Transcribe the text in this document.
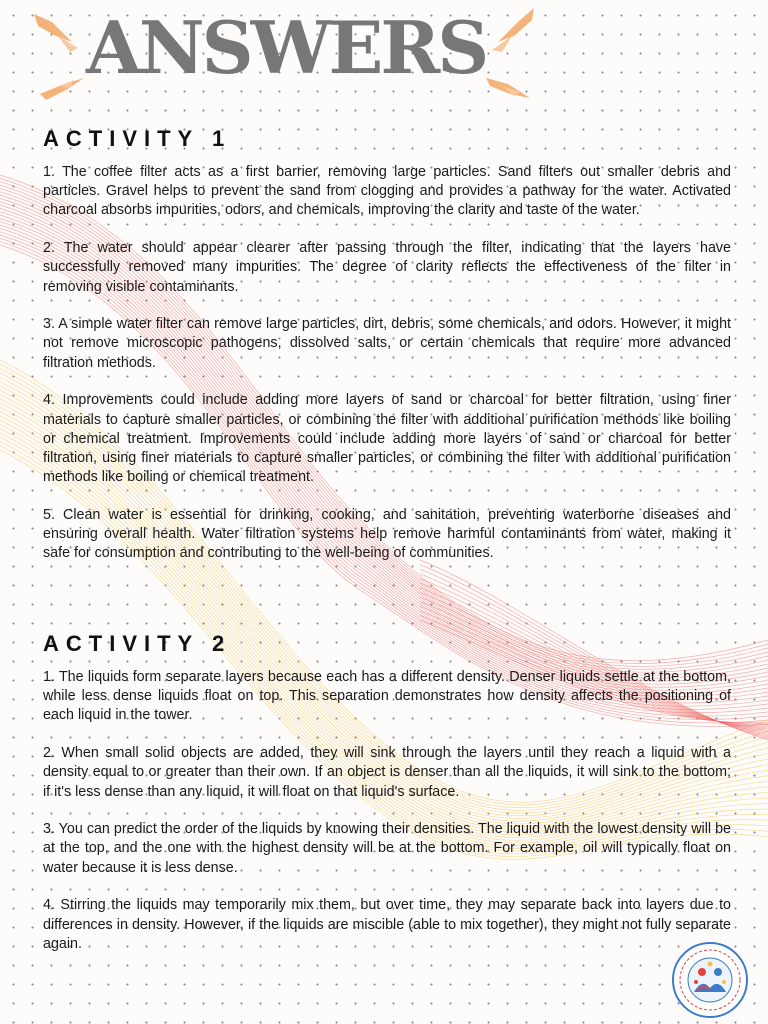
ANSWERS
ACTIVITY 1

1. The coffee filter acts as a first barrier, removing large particles. Sand filters out smaller debris and particles. Gravel helps to prevent the sand from clogging and provides a pathway for the water. Activated charcoal absorbs impurities, odors, and chemicals, improving the clarity and taste of the water.

2. The water should appear clearer after passing through the filter, indicating that the layers have successfully removed many impurities. The degree of clarity reflects the effectiveness of the filter in removing visible contaminants.

3. A simple water filter can remove large particles, dirt, debris, some chemicals, and odors. However, it might not remove microscopic pathogens, dissolved salts, or certain chemicals that require more advanced filtration methods.

4. Improvements could include adding more layers of sand or charcoal for better filtration, using finer materials to capture smaller particles, or combining the filter with additional purification methods like boiling or chemical treatment. Improvements could include adding more layers of sand or charcoal for better filtration, using finer materials to capture smaller particles, or combining the filter with additional purification methods like boiling or chemical treatment.

5. Clean water is essential for drinking, cooking, and sanitation, preventing waterborne diseases and ensuring overall health. Water filtration systems help remove harmful contaminants from water, making it safe for consumption and contributing to the well-being of communities.

ACTIVITY 2

1. The liquids form separate layers because each has a different density. Denser liquids settle at the bottom, while less dense liquids float on top. This separation demonstrates how density affects the positioning of each liquid in the tower.

2. When small solid objects are added, they will sink through the layers until they reach a liquid with a density equal to or greater than their own. If an object is denser than all the liquids, it will sink to the bottom; if it's less dense than any liquid, it will float on that liquid's surface.

3. You can predict the order of the liquids by knowing their densities. The liquid with the lowest density will be at the top, and the one with the highest density will be at the bottom. For example, oil will typically float on water because it is less dense.

4. Stirring the liquids may temporarily mix them, but over time, they may separate back into layers due to differences in density. However, if the liquids are miscible (able to mix together), they might not fully separate again.
